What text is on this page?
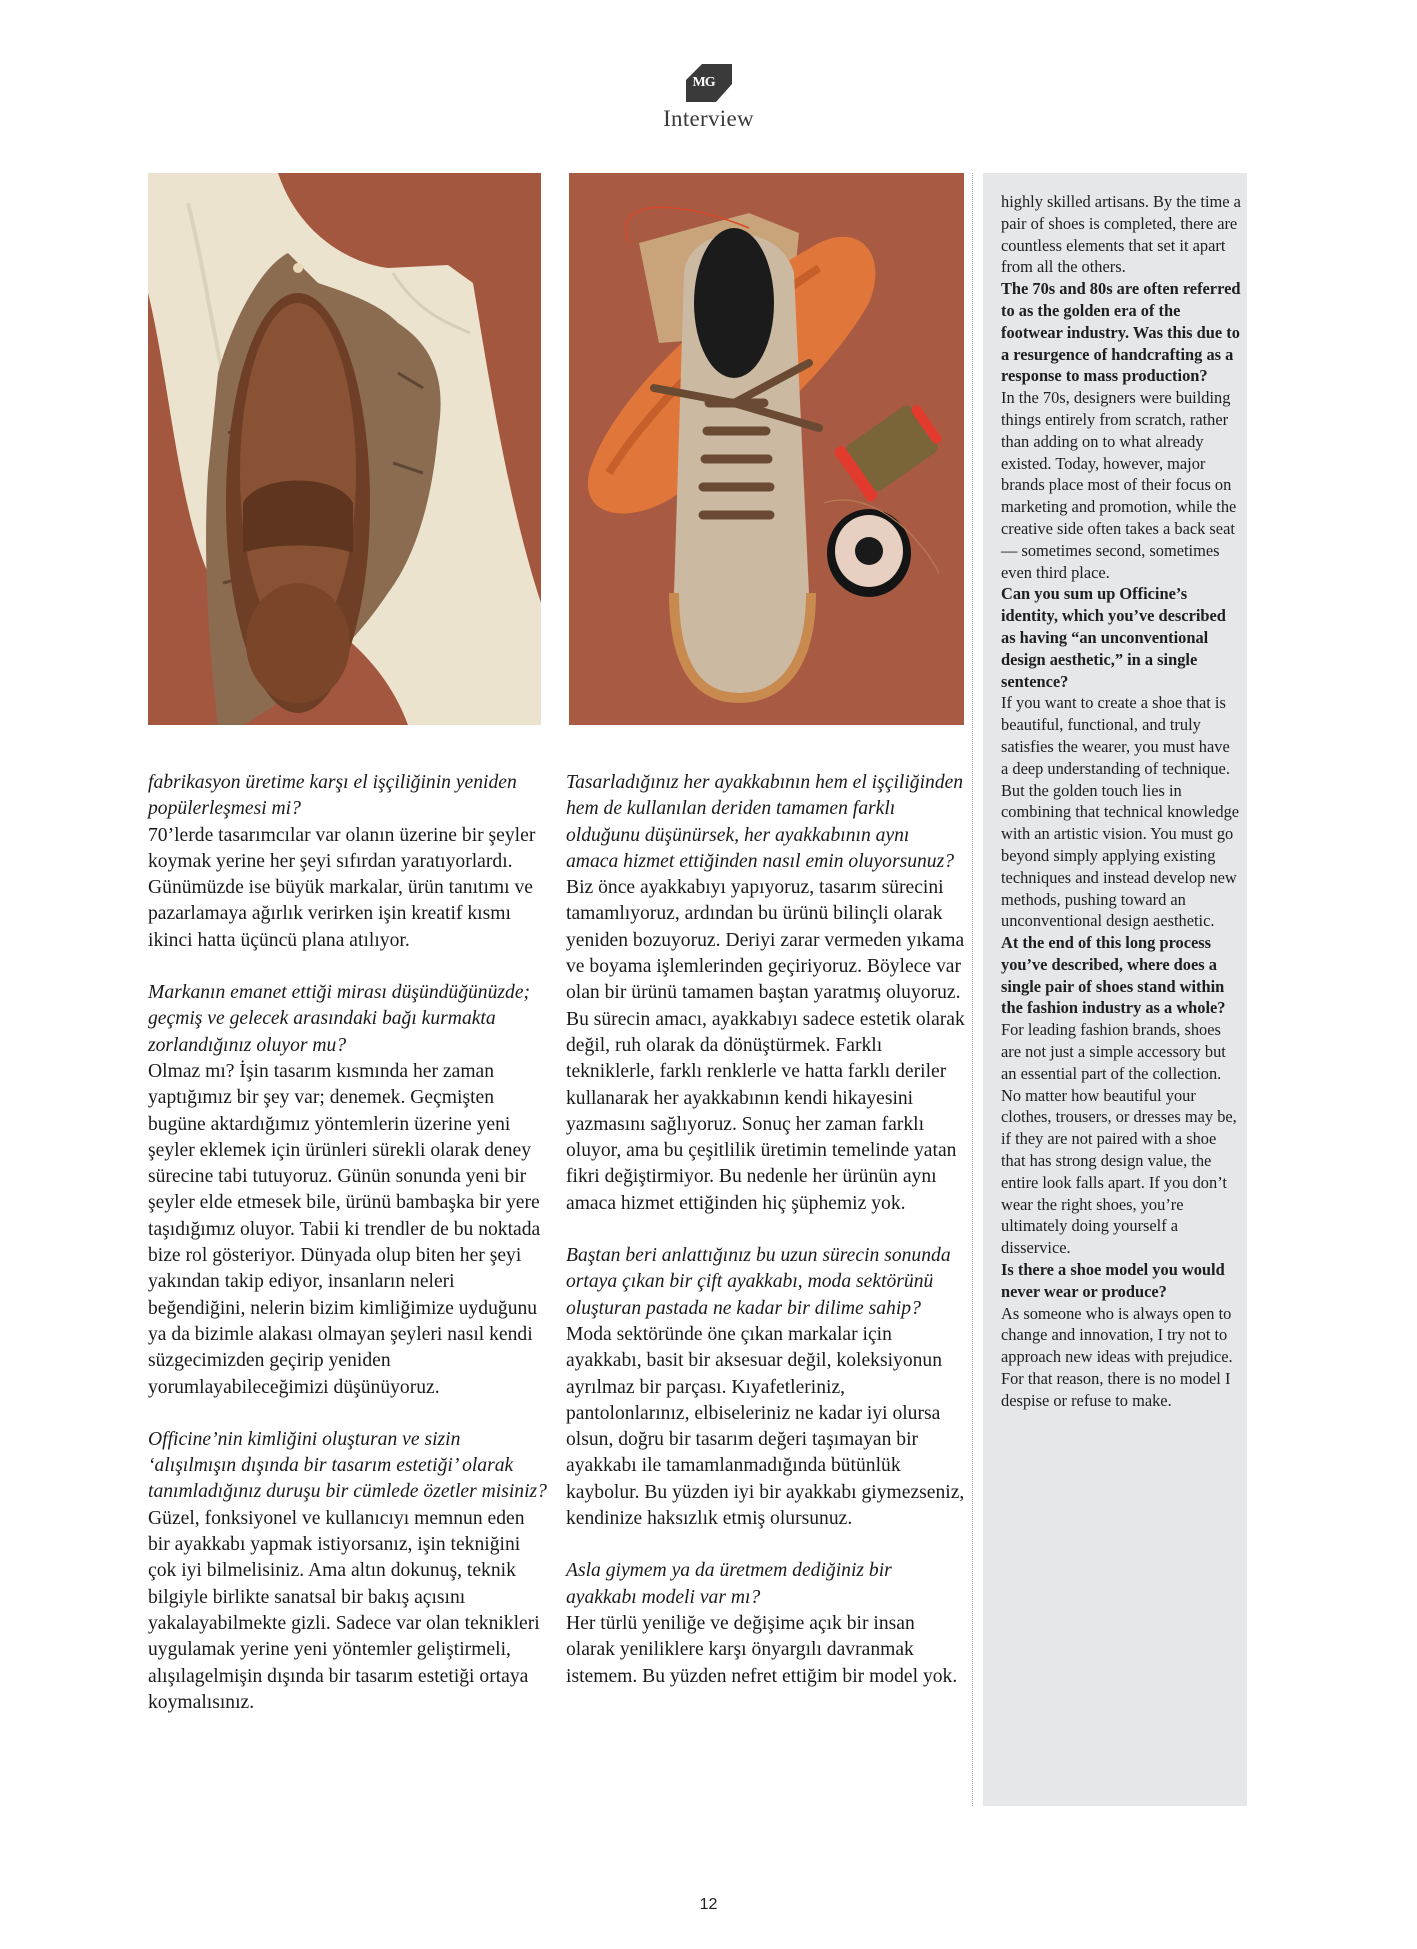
MG
Interview

fabrikasyon üretime karşı el işçiliğinin yeniden popülerleşmesi mi?

70’lerde tasarımcılar var olanın üzerine bir şeyler koymak yerine her şeyi sıfırdan yaratıyorlardı. Günümüzde ise büyük markalar, ürün tanıtımı ve pazarlamaya ağırlık verirken işin kreatif kısmı ikinci hatta üçüncü plana atılıyor.

Markanın emanet ettiği mirası düşündüğünüzde; geçmiş ve gelecek arasındaki bağı kurmakta zorlandığınız oluyor mu?

Olmaz mı? İşin tasarım kısmında her zaman yaptığımız bir şey var; denemek. Geçmişten bugüne aktardığımız yöntemlerin üzerine yeni şeyler eklemek için ürünleri sürekli olarak deney sürecine tabi tutuyoruz. Günün sonunda yeni bir şeyler elde etmesek bile, ürünü bambaşka bir yere taşıdığımız oluyor. Tabii ki trendler de bu noktada bize rol gösteriyor. Dünyada olup biten her şeyi yakından takip ediyor, insanların neleri beğendiğini, nelerin bizim kimliğimize uyduğunu ya da bizimle alakası olmayan şeyleri nasıl kendi süzgecimizden geçirip yeniden yorumlayabileceğimizi düşünüyoruz.

Officine’nin kimliğini oluşturan ve sizin ‘alışılmışın dışında bir tasarım estetiği’ olarak tanımladığınız duruşu bir cümlede özetler misiniz?

Güzel, fonksiyonel ve kullanıcıyı memnun eden bir ayakkabı yapmak istiyorsanız, işin tekniğini çok iyi bilmelisiniz. Ama altın dokunuş, teknik bilgiyle birlikte sanatsal bir bakış açısını yakalayabilmekte gizli. Sadece var olan teknikleri uygulamak yerine yeni yöntemler geliştirmeli, alışılagelmişin dışında bir tasarım estetiği ortaya koymalısınız.

Tasarladığınız her ayakkabının hem el işçiliğinden hem de kullanılan deriden tamamen farklı olduğunu düşünürsek, her ayakkabının aynı amaca hizmet ettiğinden nasıl emin oluyorsunuz?

Biz önce ayakkabıyı yapıyoruz, tasarım sürecini tamamlıyoruz, ardından bu ürünü bilinçli olarak yeniden bozuyoruz. Deriyi zarar vermeden yıkama ve boyama işlemlerinden geçiriyoruz. Böylece var olan bir ürünü tamamen baştan yaratmış oluyoruz. Bu sürecin amacı, ayakkabıyı sadece estetik olarak değil, ruh olarak da dönüştürmek. Farklı tekniklerle, farklı renklerle ve hatta farklı deriler kullanarak her ayakkabının kendi hikayesini yazmasını sağlıyoruz. Sonuç her zaman farklı oluyor, ama bu çeşitlilik üretimin temelinde yatan fikri değiştirmiyor. Bu nedenle her ürünün aynı amaca hizmet ettiğinden hiç şüphemiz yok.

Baştan beri anlattığınız bu uzun sürecin sonunda ortaya çıkan bir çift ayakkabı, moda sektörünü oluşturan pastada ne kadar bir dilime sahip?

Moda sektöründe öne çıkan markalar için ayakkabı, basit bir aksesuar değil, koleksiyonun ayrılmaz bir parçası. Kıyafetleriniz, pantolonlarınız, elbiseleriniz ne kadar iyi olursa olsun, doğru bir tasarım değeri taşımayan bir ayakkabı ile tamamlanmadığında bütünlük kaybolur. Bu yüzden iyi bir ayakkabı giymezseniz, kendinize haksızlık etmiş olursunuz.

Asla giymem ya da üretmem dediğiniz bir ayakkabı modeli var mı?

Her türlü yeniliğe ve değişime açık bir insan olarak yeniliklere karşı önyargılı davranmak istemem. Bu yüzden nefret ettiğim bir model yok.

highly skilled artisans. By the time a pair of shoes is completed, there are countless elements that set it apart from all the others.

The 70s and 80s are often referred to as the golden era of the footwear industry. Was this due to a resurgence of handcrafting as a response to mass production?

In the 70s, designers were building things entirely from scratch, rather than adding on to what already existed. Today, however, major brands place most of their focus on marketing and promotion, while the creative side often takes a back seat — sometimes second, sometimes even third place.

Can you sum up Officine’s identity, which you’ve described as having “an unconventional design aesthetic,” in a single sentence?

If you want to create a shoe that is beautiful, functional, and truly satisfies the wearer, you must have a deep understanding of technique. But the golden touch lies in combining that technical knowledge with an artistic vision. You must go beyond simply applying existing techniques and instead develop new methods, pushing toward an unconventional design aesthetic.

At the end of this long process you’ve described, where does a single pair of shoes stand within the fashion industry as a whole?

For leading fashion brands, shoes are not just a simple accessory but an essential part of the collection. No matter how beautiful your clothes, trousers, or dresses may be, if they are not paired with a shoe that has strong design value, the entire look falls apart. If you don’t wear the right shoes, you’re ultimately doing yourself a disservice.

Is there a shoe model you would never wear or produce?

As someone who is always open to change and innovation, I try not to approach new ideas with prejudice. For that reason, there is no model I despise or refuse to make.

12
